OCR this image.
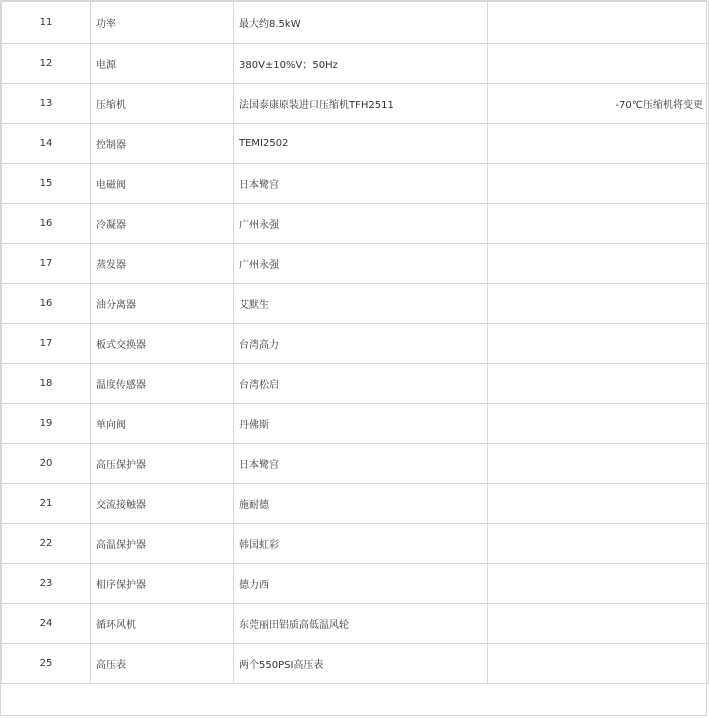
11	功率	最大约8.5kW	
12	电源	380V±10%V；50Hz	
13	压缩机	法国泰康原装进口压缩机TFH2511	-70℃压缩机将变更
14	控制器	TEMI2502	
15	电磁阀	日本鹭宫	
16	冷凝器	广州永强	
17	蒸发器	广州永强	
16	油分离器	艾默生	
17	板式交换器	台湾高力	
18	温度传感器	台湾松启	
19	单向阀	丹佛斯	
20	高压保护器	日本鹭宫	
21	交流接触器	施耐德	
22	高温保护器	韩国虹彩	
23	相序保护器	德力西	
24	循环风机	东莞丽田铝质高低温风轮	
25	高压表	两个550PSI高压表	
